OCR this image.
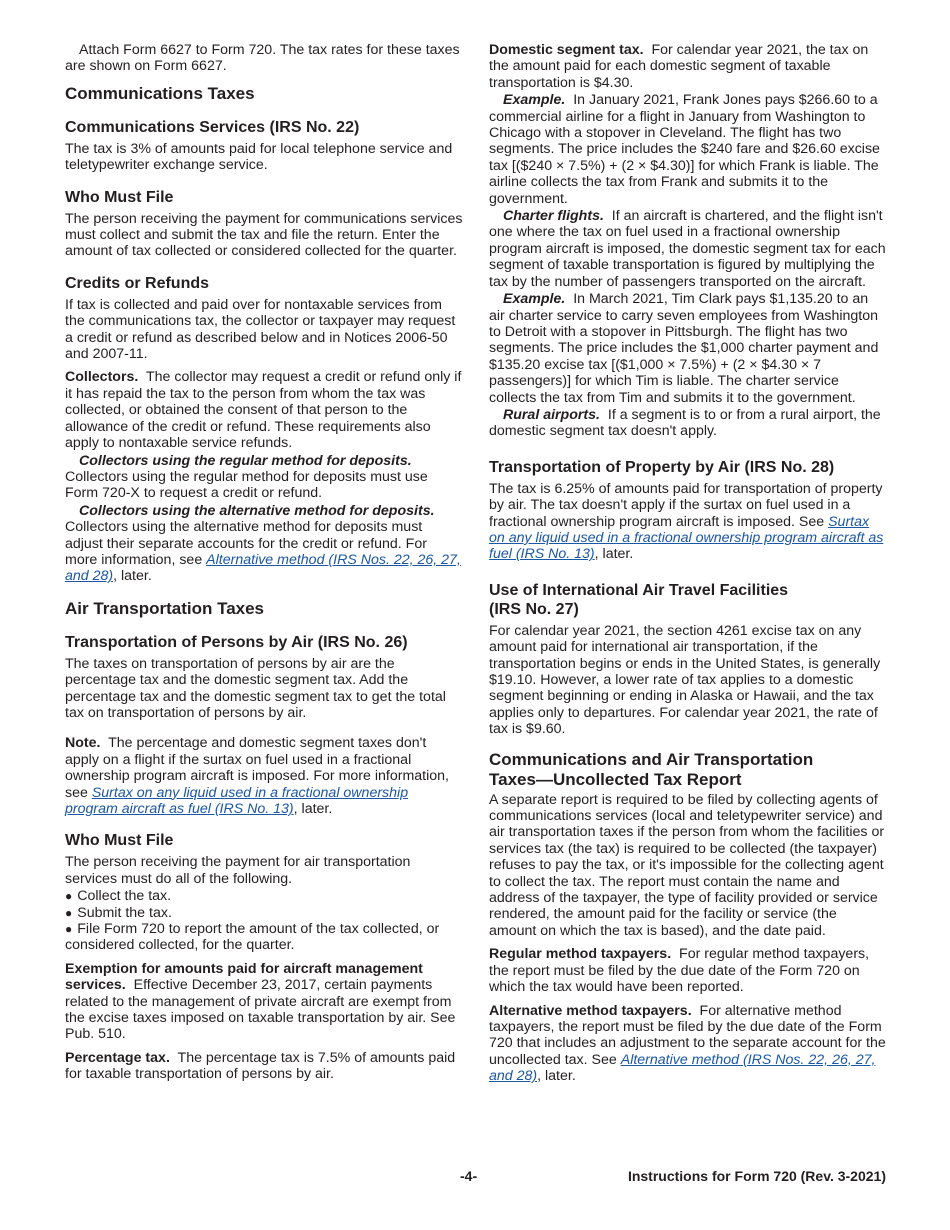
Attach Form 6627 to Form 720. The tax rates for these taxes are shown on Form 6627.

Communications Taxes
Communications Services (IRS No. 22)

The tax is 3% of amounts paid for local telephone service and teletypewriter exchange service.

Who Must File

The person receiving the payment for communications services must collect and submit the tax and file the return. Enter the amount of tax collected or considered collected for the quarter.

Credits or Refunds

If tax is collected and paid over for nontaxable services from the communications tax, the collector or taxpayer may request a credit or refund as described below and in Notices 2006-50 and 2007-11.

Collectors. The collector may request a credit or refund only if it has repaid the tax to the person from whom the tax was collected, or obtained the consent of that person to the allowance of the credit or refund. These requirements also apply to nontaxable service refunds.

Collectors using the regular method for deposits. Collectors using the regular method for deposits must use Form 720-X to request a credit or refund.

Collectors using the alternative method for deposits. Collectors using the alternative method for deposits must adjust their separate accounts for the credit or refund. For more information, see Alternative method (IRS Nos. 22, 26, 27, and 28), later.

Air Transportation Taxes
Transportation of Persons by Air (IRS No. 26)

The taxes on transportation of persons by air are the percentage tax and the domestic segment tax. Add the percentage tax and the domestic segment tax to get the total tax on transportation of persons by air.

Note. The percentage and domestic segment taxes don't apply on a flight if the surtax on fuel used in a fractional ownership program aircraft is imposed. For more information, see Surtax on any liquid used in a fractional ownership program aircraft as fuel (IRS No. 13), later.

Who Must File

The person receiving the payment for air transportation services must do all of the following.

● Collect the tax.
● Submit the tax.
● File Form 720 to report the amount of the tax collected, or considered collected, for the quarter.

Exemption for amounts paid for aircraft management services. Effective December 23, 2017, certain payments related to the management of private aircraft are exempt from the excise taxes imposed on taxable transportation by air. See Pub. 510.

Percentage tax. The percentage tax is 7.5% of amounts paid for taxable transportation of persons by air.

Domestic segment tax. For calendar year 2021, the tax on the amount paid for each domestic segment of taxable transportation is $4.30.

Example. In January 2021, Frank Jones pays $266.60 to a commercial airline for a flight in January from Washington to Chicago with a stopover in Cleveland. The flight has two segments. The price includes the $240 fare and $26.60 excise tax [($240 × 7.5%) + (2 × $4.30)] for which Frank is liable. The airline collects the tax from Frank and submits it to the government.

Charter flights. If an aircraft is chartered, and the flight isn't one where the tax on fuel used in a fractional ownership program aircraft is imposed, the domestic segment tax for each segment of taxable transportation is figured by multiplying the tax by the number of passengers transported on the aircraft.

Example. In March 2021, Tim Clark pays $1,135.20 to an air charter service to carry seven employees from Washington to Detroit with a stopover in Pittsburgh. The flight has two segments. The price includes the $1,000 charter payment and $135.20 excise tax [($1,000 × 7.5%) + (2 × $4.30 × 7 passengers)] for which Tim is liable. The charter service collects the tax from Tim and submits it to the government.

Rural airports. If a segment is to or from a rural airport, the domestic segment tax doesn't apply.

Transportation of Property by Air (IRS No. 28)

The tax is 6.25% of amounts paid for transportation of property by air. The tax doesn't apply if the surtax on fuel used in a fractional ownership program aircraft is imposed. See Surtax on any liquid used in a fractional ownership program aircraft as fuel (IRS No. 13), later.

Use of International Air Travel Facilities
(IRS No. 27)

For calendar year 2021, the section 4261 excise tax on any amount paid for international air transportation, if the transportation begins or ends in the United States, is generally $19.10. However, a lower rate of tax applies to a domestic segment beginning or ending in Alaska or Hawaii, and the tax applies only to departures. For calendar year 2021, the rate of tax is $9.60.

Communications and Air Transportation
Taxes—Uncollected Tax Report

A separate report is required to be filed by collecting agents of communications services (local and teletypewriter service) and air transportation taxes if the person from whom the facilities or services tax (the tax) is required to be collected (the taxpayer) refuses to pay the tax, or it's impossible for the collecting agent to collect the tax. The report must contain the name and address of the taxpayer, the type of facility provided or service rendered, the amount paid for the facility or service (the amount on which the tax is based), and the date paid.

Regular method taxpayers. For regular method taxpayers, the report must be filed by the due date of the Form 720 on which the tax would have been reported.

Alternative method taxpayers. For alternative method taxpayers, the report must be filed by the due date of the Form 720 that includes an adjustment to the separate account for the uncollected tax. See Alternative method (IRS Nos. 22, 26, 27, and 28), later.

-4-	Instructions for Form 720 (Rev. 3-2021)
